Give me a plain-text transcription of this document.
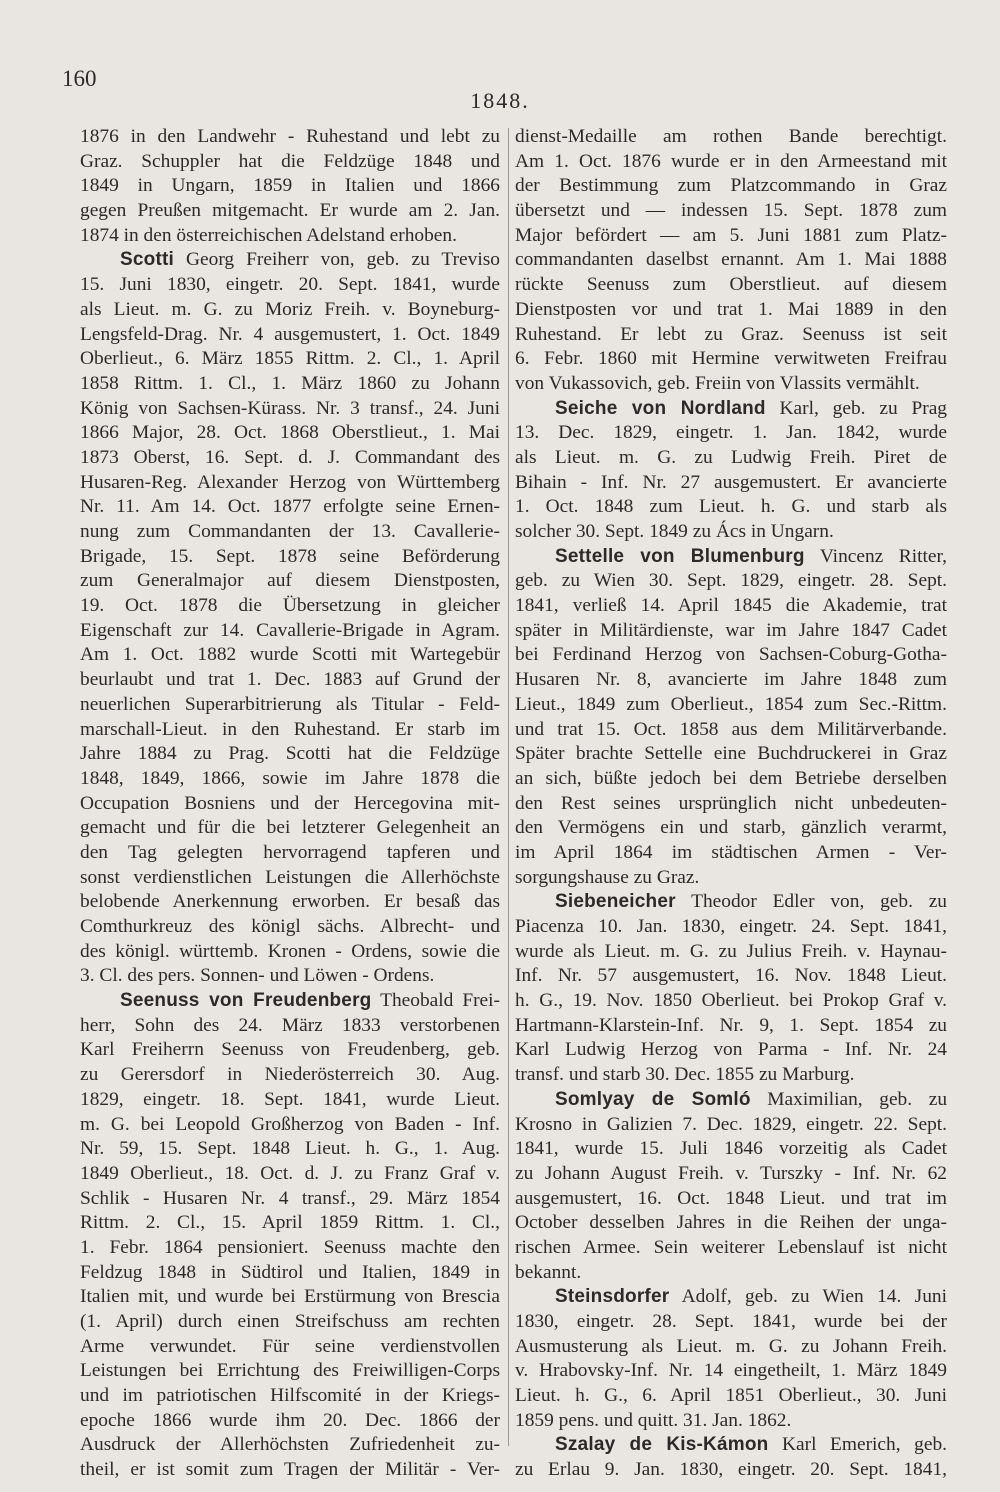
160
1848.
1876 in den Landwehr - Ruhestand und lebt zu
Graz. Schuppler hat die Feldzüge 1848 und
1849 in Ungarn, 1859 in Italien und 1866
gegen Preußen mitgemacht. Er wurde am 2. Jan.
1874 in den österreichischen Adelstand erhoben.
Scotti Georg Freiherr von, geb. zu Treviso
15. Juni 1830, eingetr. 20. Sept. 1841, wurde
als Lieut. m. G. zu Moriz Freih. v. Boyneburg-
Lengsfeld-Drag. Nr. 4 ausgemustert, 1. Oct. 1849
Oberlieut., 6. März 1855 Rittm. 2. Cl., 1. April
1858 Rittm. 1. Cl., 1. März 1860 zu Johann
König von Sachsen-Kürass. Nr. 3 transf., 24. Juni
1866 Major, 28. Oct. 1868 Oberstlieut., 1. Mai
1873 Oberst, 16. Sept. d. J. Commandant des
Husaren-Reg. Alexander Herzog von Württemberg
Nr. 11. Am 14. Oct. 1877 erfolgte seine Ernen-
nung zum Commandanten der 13. Cavallerie-
Brigade, 15. Sept. 1878 seine Beförderung
zum Generalmajor auf diesem Dienstposten,
19. Oct. 1878 die Übersetzung in gleicher
Eigenschaft zur 14. Cavallerie-Brigade in Agram.
Am 1. Oct. 1882 wurde Scotti mit Wartegebür
beurlaubt und trat 1. Dec. 1883 auf Grund der
neuerlichen Superarbitrierung als Titular - Feld-
marschall-Lieut. in den Ruhestand. Er starb im
Jahre 1884 zu Prag. Scotti hat die Feldzüge
1848, 1849, 1866, sowie im Jahre 1878 die
Occupation Bosniens und der Hercegovina mit-
gemacht und für die bei letzterer Gelegenheit an
den Tag gelegten hervorragend tapferen und
sonst verdienstlichen Leistungen die Allerhöchste
belobende Anerkennung erworben. Er besaß das
Comthurkreuz des königl sächs. Albrecht- und
des königl. württemb. Kronen - Ordens, sowie die
3. Cl. des pers. Sonnen- und Löwen - Ordens.
Seenuss von Freudenberg Theobald Frei-
herr, Sohn des 24. März 1833 verstorbenen
Karl Freiherrn Seenuss von Freudenberg, geb.
zu Gerersdorf in Niederösterreich 30. Aug.
1829, eingetr. 18. Sept. 1841, wurde Lieut.
m. G. bei Leopold Großherzog von Baden - Inf.
Nr. 59, 15. Sept. 1848 Lieut. h. G., 1. Aug.
1849 Oberlieut., 18. Oct. d. J. zu Franz Graf v.
Schlik - Husaren Nr. 4 transf., 29. März 1854
Rittm. 2. Cl., 15. April 1859 Rittm. 1. Cl.,
1. Febr. 1864 pensioniert. Seenuss machte den
Feldzug 1848 in Südtirol und Italien, 1849 in
Italien mit, und wurde bei Erstürmung von Brescia
(1. April) durch einen Streifschuss am rechten
Arme verwundet. Für seine verdienstvollen
Leistungen bei Errichtung des Freiwilligen-Corps
und im patriotischen Hilfscomité in der Kriegs-
epoche 1866 wurde ihm 20. Dec. 1866 der
Ausdruck der Allerhöchsten Zufriedenheit zu-
theil, er ist somit zum Tragen der Militär - Ver-
dienst-Medaille am rothen Bande berechtigt.
Am 1. Oct. 1876 wurde er in den Armeestand mit
der Bestimmung zum Platzcommando in Graz
übersetzt und — indessen 15. Sept. 1878 zum
Major befördert — am 5. Juni 1881 zum Platz-
commandanten daselbst ernannt. Am 1. Mai 1888
rückte Seenuss zum Oberstlieut. auf diesem
Dienstposten vor und trat 1. Mai 1889 in den
Ruhestand. Er lebt zu Graz. Seenuss ist seit
6. Febr. 1860 mit Hermine verwitweten Freifrau
von Vukassovich, geb. Freiin von Vlassits vermählt.
Seiche von Nordland Karl, geb. zu Prag
13. Dec. 1829, eingetr. 1. Jan. 1842, wurde
als Lieut. m. G. zu Ludwig Freih. Piret de
Bihain - Inf. Nr. 27 ausgemustert. Er avancierte
1. Oct. 1848 zum Lieut. h. G. und starb als
solcher 30. Sept. 1849 zu Ács in Ungarn.
Settelle von Blumenburg Vincenz Ritter,
geb. zu Wien 30. Sept. 1829, eingetr. 28. Sept.
1841, verließ 14. April 1845 die Akademie, trat
später in Militärdienste, war im Jahre 1847 Cadet
bei Ferdinand Herzog von Sachsen-Coburg-Gotha-
Husaren Nr. 8, avancierte im Jahre 1848 zum
Lieut., 1849 zum Oberlieut., 1854 zum Sec.-Rittm.
und trat 15. Oct. 1858 aus dem Militärverbande.
Später brachte Settelle eine Buchdruckerei in Graz
an sich, büßte jedoch bei dem Betriebe derselben
den Rest seines ursprünglich nicht unbedeuten-
den Vermögens ein und starb, gänzlich verarmt,
im April 1864 im städtischen Armen - Ver-
sorgungshause zu Graz.
Siebeneicher Theodor Edler von, geb. zu
Piacenza 10. Jan. 1830, eingetr. 24. Sept. 1841,
wurde als Lieut. m. G. zu Julius Freih. v. Haynau-
Inf. Nr. 57 ausgemustert, 16. Nov. 1848 Lieut.
h. G., 19. Nov. 1850 Oberlieut. bei Prokop Graf v.
Hartmann-Klarstein-Inf. Nr. 9, 1. Sept. 1854 zu
Karl Ludwig Herzog von Parma - Inf. Nr. 24
transf. und starb 30. Dec. 1855 zu Marburg.
Somlyay de Somló Maximilian, geb. zu
Krosno in Galizien 7. Dec. 1829, eingetr. 22. Sept.
1841, wurde 15. Juli 1846 vorzeitig als Cadet
zu Johann August Freih. v. Turszky - Inf. Nr. 62
ausgemustert, 16. Oct. 1848 Lieut. und trat im
October desselben Jahres in die Reihen der unga-
rischen Armee. Sein weiterer Lebenslauf ist nicht
bekannt.
Steinsdorfer Adolf, geb. zu Wien 14. Juni
1830, eingetr. 28. Sept. 1841, wurde bei der
Ausmusterung als Lieut. m. G. zu Johann Freih.
v. Hrabovsky-Inf. Nr. 14 eingetheilt, 1. März 1849
Lieut. h. G., 6. April 1851 Oberlieut., 30. Juni
1859 pens. und quitt. 31. Jan. 1862.
Szalay de Kis-Kámon Karl Emerich, geb.
zu Erlau 9. Jan. 1830, eingetr. 20. Sept. 1841,
